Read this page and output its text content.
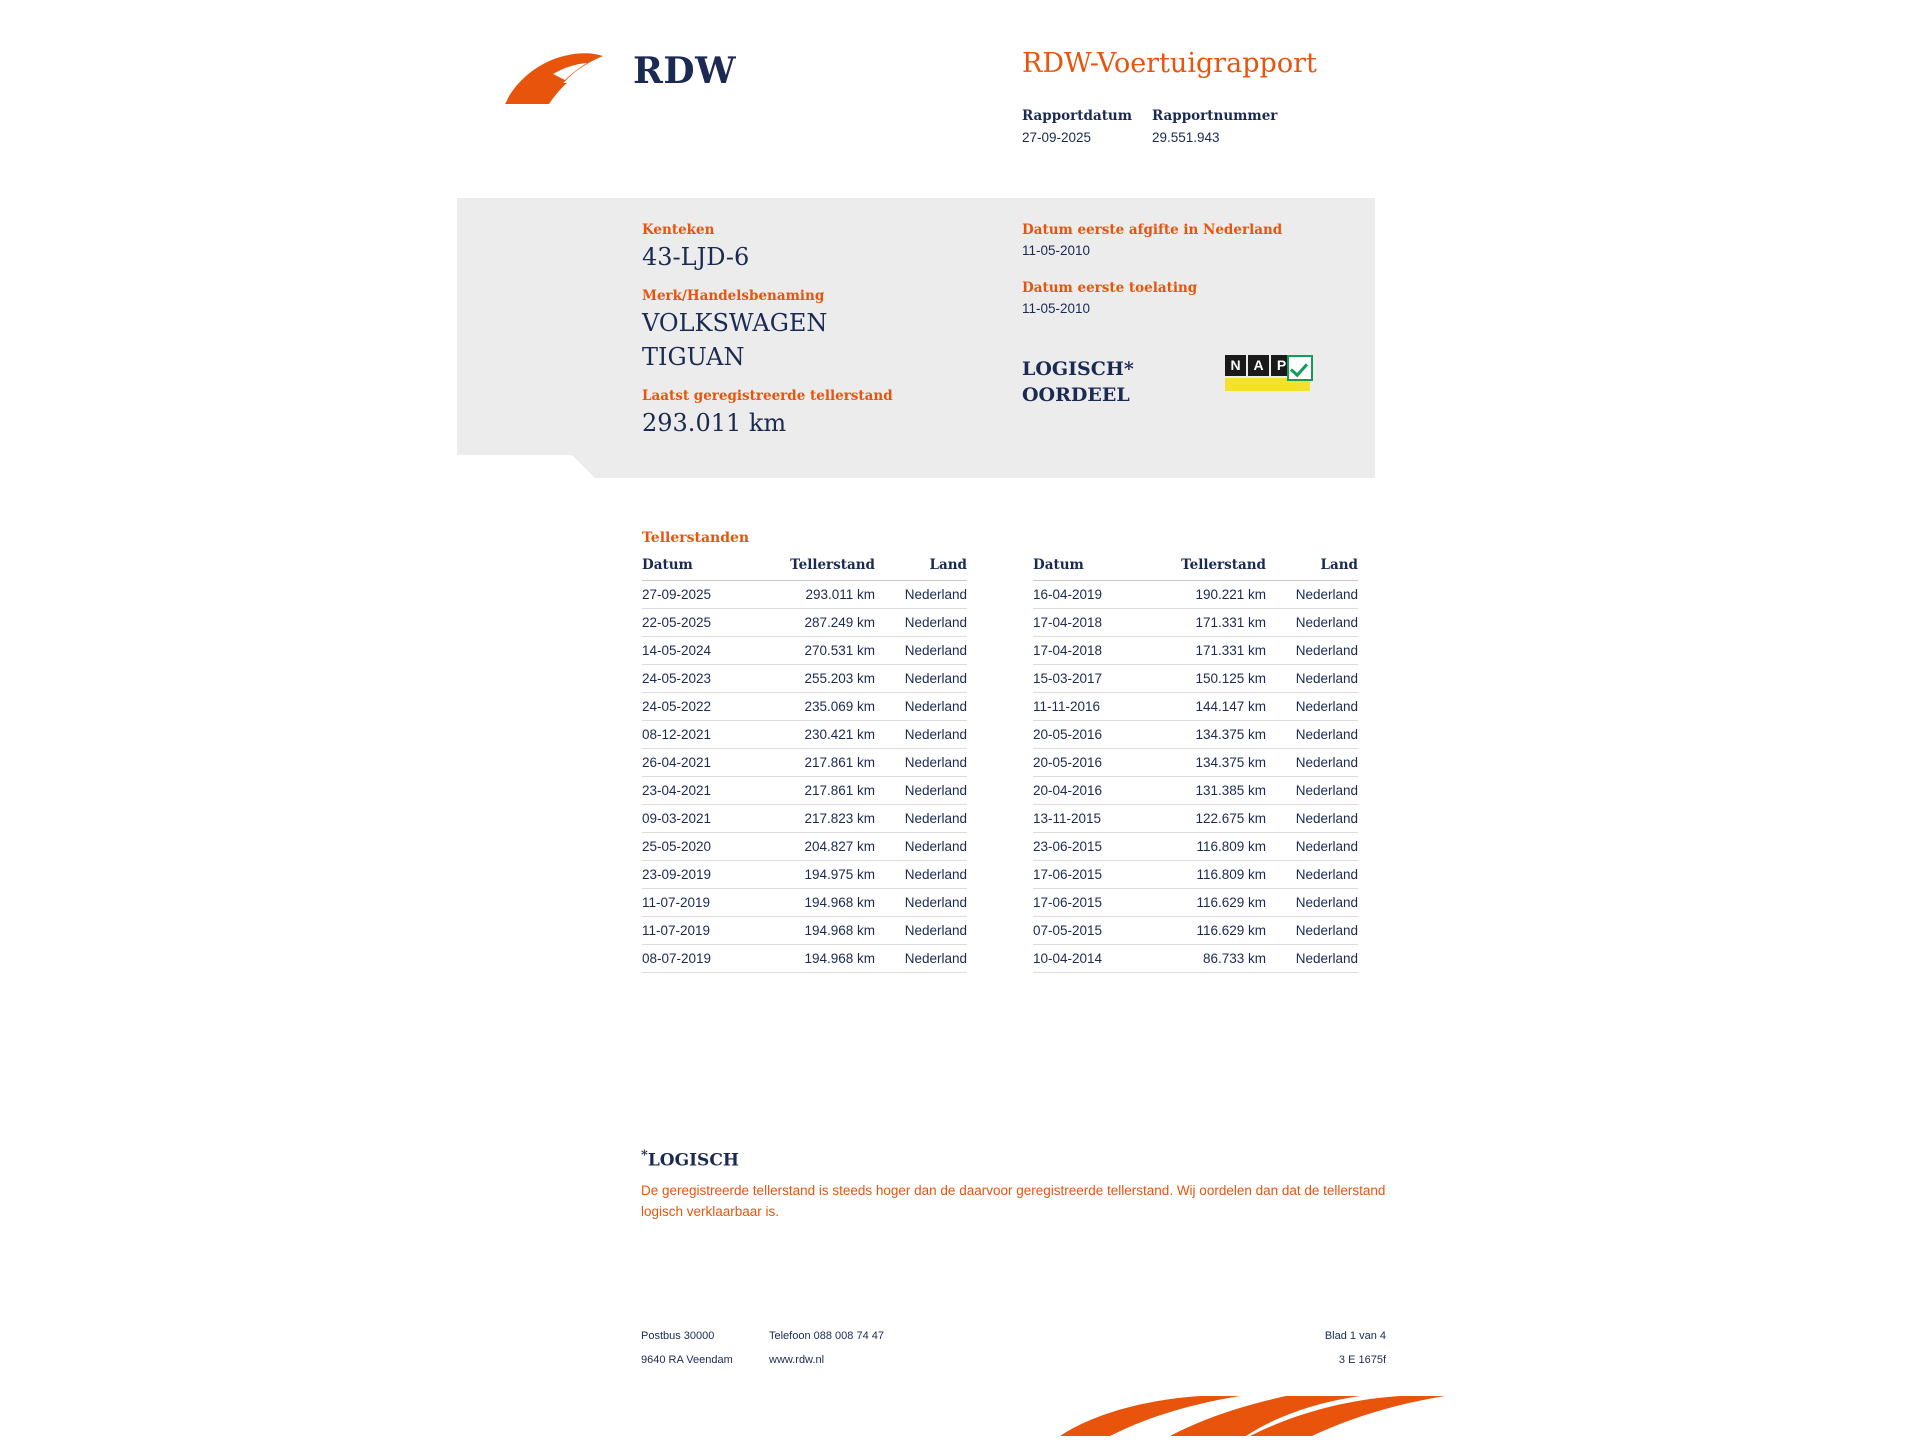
RDW	RDW-Voertuigrapport
Rapportdatum	Rapportnummer
27-09-2025	29.551.943
Kenteken
43-LJD-6
Merk/Handelsbenaming
VOLKSWAGEN
TIGUAN
Laatst geregistreerde tellerstand
293.011 km
Datum eerste afgifte in Nederland
11-05-2010
Datum eerste toelating
11-05-2010
LOGISCH*
OORDEEL
N A P
Tellerstanden
Datum	Tellerstand	Land
27-09-2025	293.011 km	Nederland
22-05-2025	287.249 km	Nederland
14-05-2024	270.531 km	Nederland
24-05-2023	255.203 km	Nederland
24-05-2022	235.069 km	Nederland
08-12-2021	230.421 km	Nederland
26-04-2021	217.861 km	Nederland
23-04-2021	217.861 km	Nederland
09-03-2021	217.823 km	Nederland
25-05-2020	204.827 km	Nederland
23-09-2019	194.975 km	Nederland
11-07-2019	194.968 km	Nederland
11-07-2019	194.968 km	Nederland
08-07-2019	194.968 km	Nederland
Datum	Tellerstand	Land
16-04-2019	190.221 km	Nederland
17-04-2018	171.331 km	Nederland
17-04-2018	171.331 km	Nederland
15-03-2017	150.125 km	Nederland
11-11-2016	144.147 km	Nederland
20-05-2016	134.375 km	Nederland
20-05-2016	134.375 km	Nederland
20-04-2016	131.385 km	Nederland
13-11-2015	122.675 km	Nederland
23-06-2015	116.809 km	Nederland
17-06-2015	116.809 km	Nederland
17-06-2015	116.629 km	Nederland
07-05-2015	116.629 km	Nederland
10-04-2014	86.733 km	Nederland
*LOGISCH
De geregistreerde tellerstand is steeds hoger dan de daarvoor geregistreerde tellerstand. Wij oordelen dan dat de tellerstand logisch verklaarbaar is.
Postbus 30000	Telefoon 088 008 74 47	Blad 1 van 4
9640 RA Veendam	www.rdw.nl	3 E 1675f
